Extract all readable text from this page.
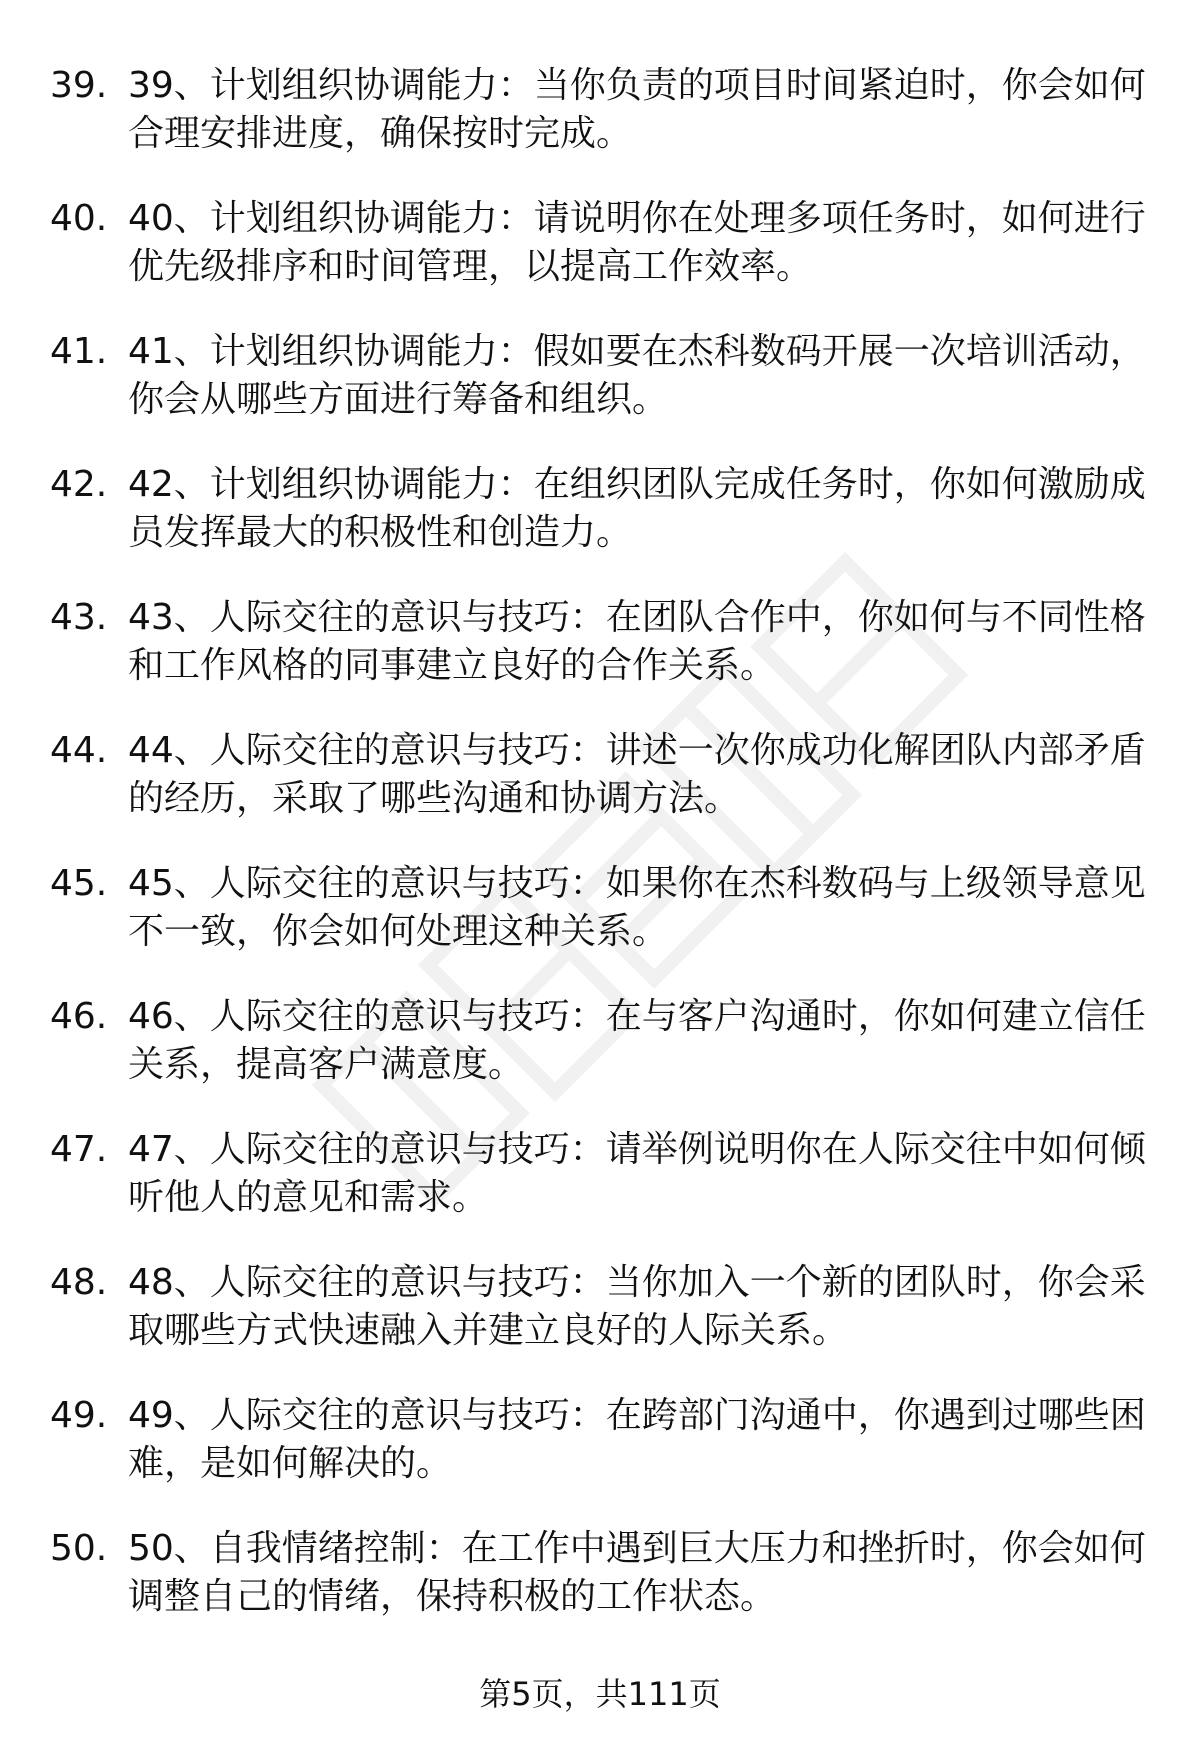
39. 39、计划组织协调能力：当你负责的项目时间紧迫时，你会如何合理安排进度，确保按时完成。
40. 40、计划组织协调能力：请说明你在处理多项任务时，如何进行优先级排序和时间管理，以提高工作效率。
41. 41、计划组织协调能力：假如要在杰科数码开展一次培训活动，你会从哪些方面进行筹备和组织。
42. 42、计划组织协调能力：在组织团队完成任务时，你如何激励成员发挥最大的积极性和创造力。
43. 43、人际交往的意识与技巧：在团队合作中，你如何与不同性格和工作风格的同事建立良好的合作关系。
44. 44、人际交往的意识与技巧：讲述一次你成功化解团队内部矛盾的经历，采取了哪些沟通和协调方法。
45. 45、人际交往的意识与技巧：如果你在杰科数码与上级领导意见不一致，你会如何处理这种关系。
46. 46、人际交往的意识与技巧：在与客户沟通时，你如何建立信任关系，提高客户满意度。
47. 47、人际交往的意识与技巧：请举例说明你在人际交往中如何倾听他人的意见和需求。
48. 48、人际交往的意识与技巧：当你加入一个新的团队时，你会采取哪些方式快速融入并建立良好的人际关系。
49. 49、人际交往的意识与技巧：在跨部门沟通中，你遇到过哪些困难，是如何解决的。
50. 50、自我情绪控制：在工作中遇到巨大压力和挫折时，你会如何调整自己的情绪，保持积极的工作状态。
第5页，共111页
